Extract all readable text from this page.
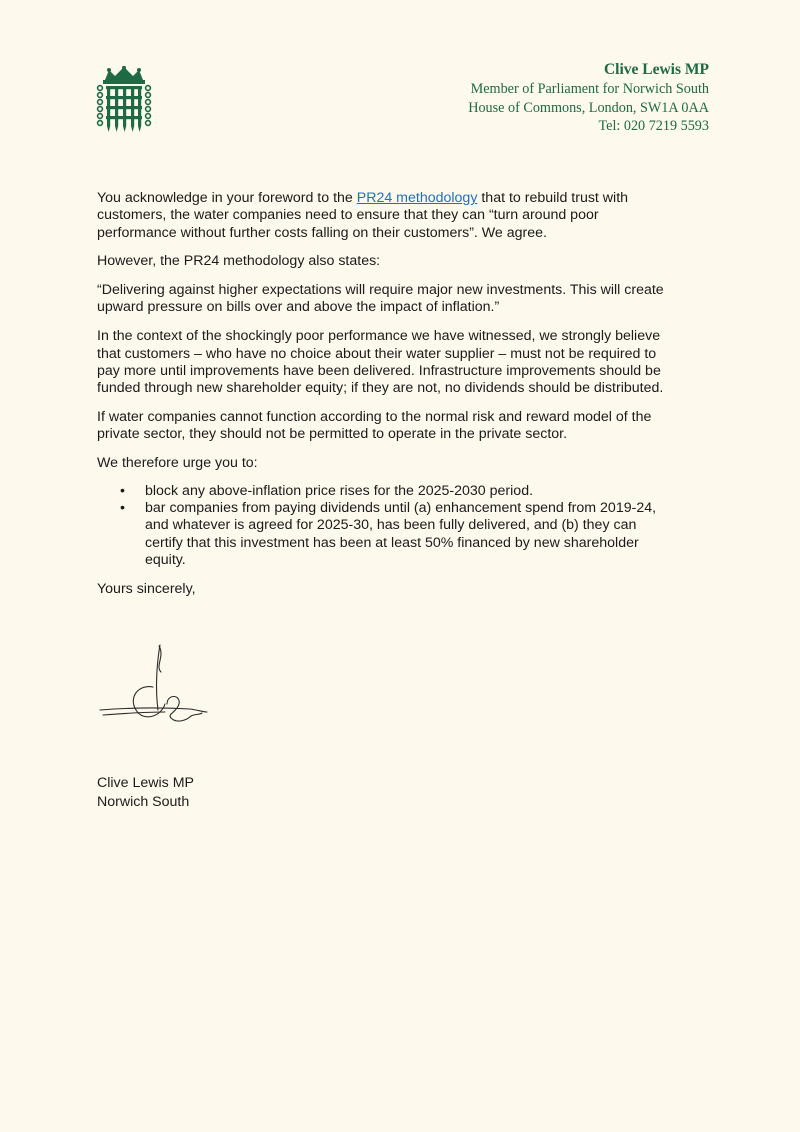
Clive Lewis MP
Member of Parliament for Norwich South
House of Commons, London, SW1A 0AA
Tel: 020 7219 5593

You acknowledge in your foreword to the PR24 methodology that to rebuild trust with customers, the water companies need to ensure that they can “turn around poor performance without further costs falling on their customers”. We agree.

However, the PR24 methodology also states:

“Delivering against higher expectations will require major new investments. This will create upward pressure on bills over and above the impact of inflation.”

In the context of the shockingly poor performance we have witnessed, we strongly believe that customers – who have no choice about their water supplier – must not be required to pay more until improvements have been delivered. Infrastructure improvements should be funded through new shareholder equity; if they are not, no dividends should be distributed.

If water companies cannot function according to the normal risk and reward model of the private sector, they should not be permitted to operate in the private sector.

We therefore urge you to:

• block any above-inflation price rises for the 2025-2030 period.
• bar companies from paying dividends until (a) enhancement spend from 2019-24, and whatever is agreed for 2025-30, has been fully delivered, and (b) they can certify that this investment has been at least 50% financed by new shareholder equity.

Yours sincerely,

Clive Lewis MP
Norwich South
